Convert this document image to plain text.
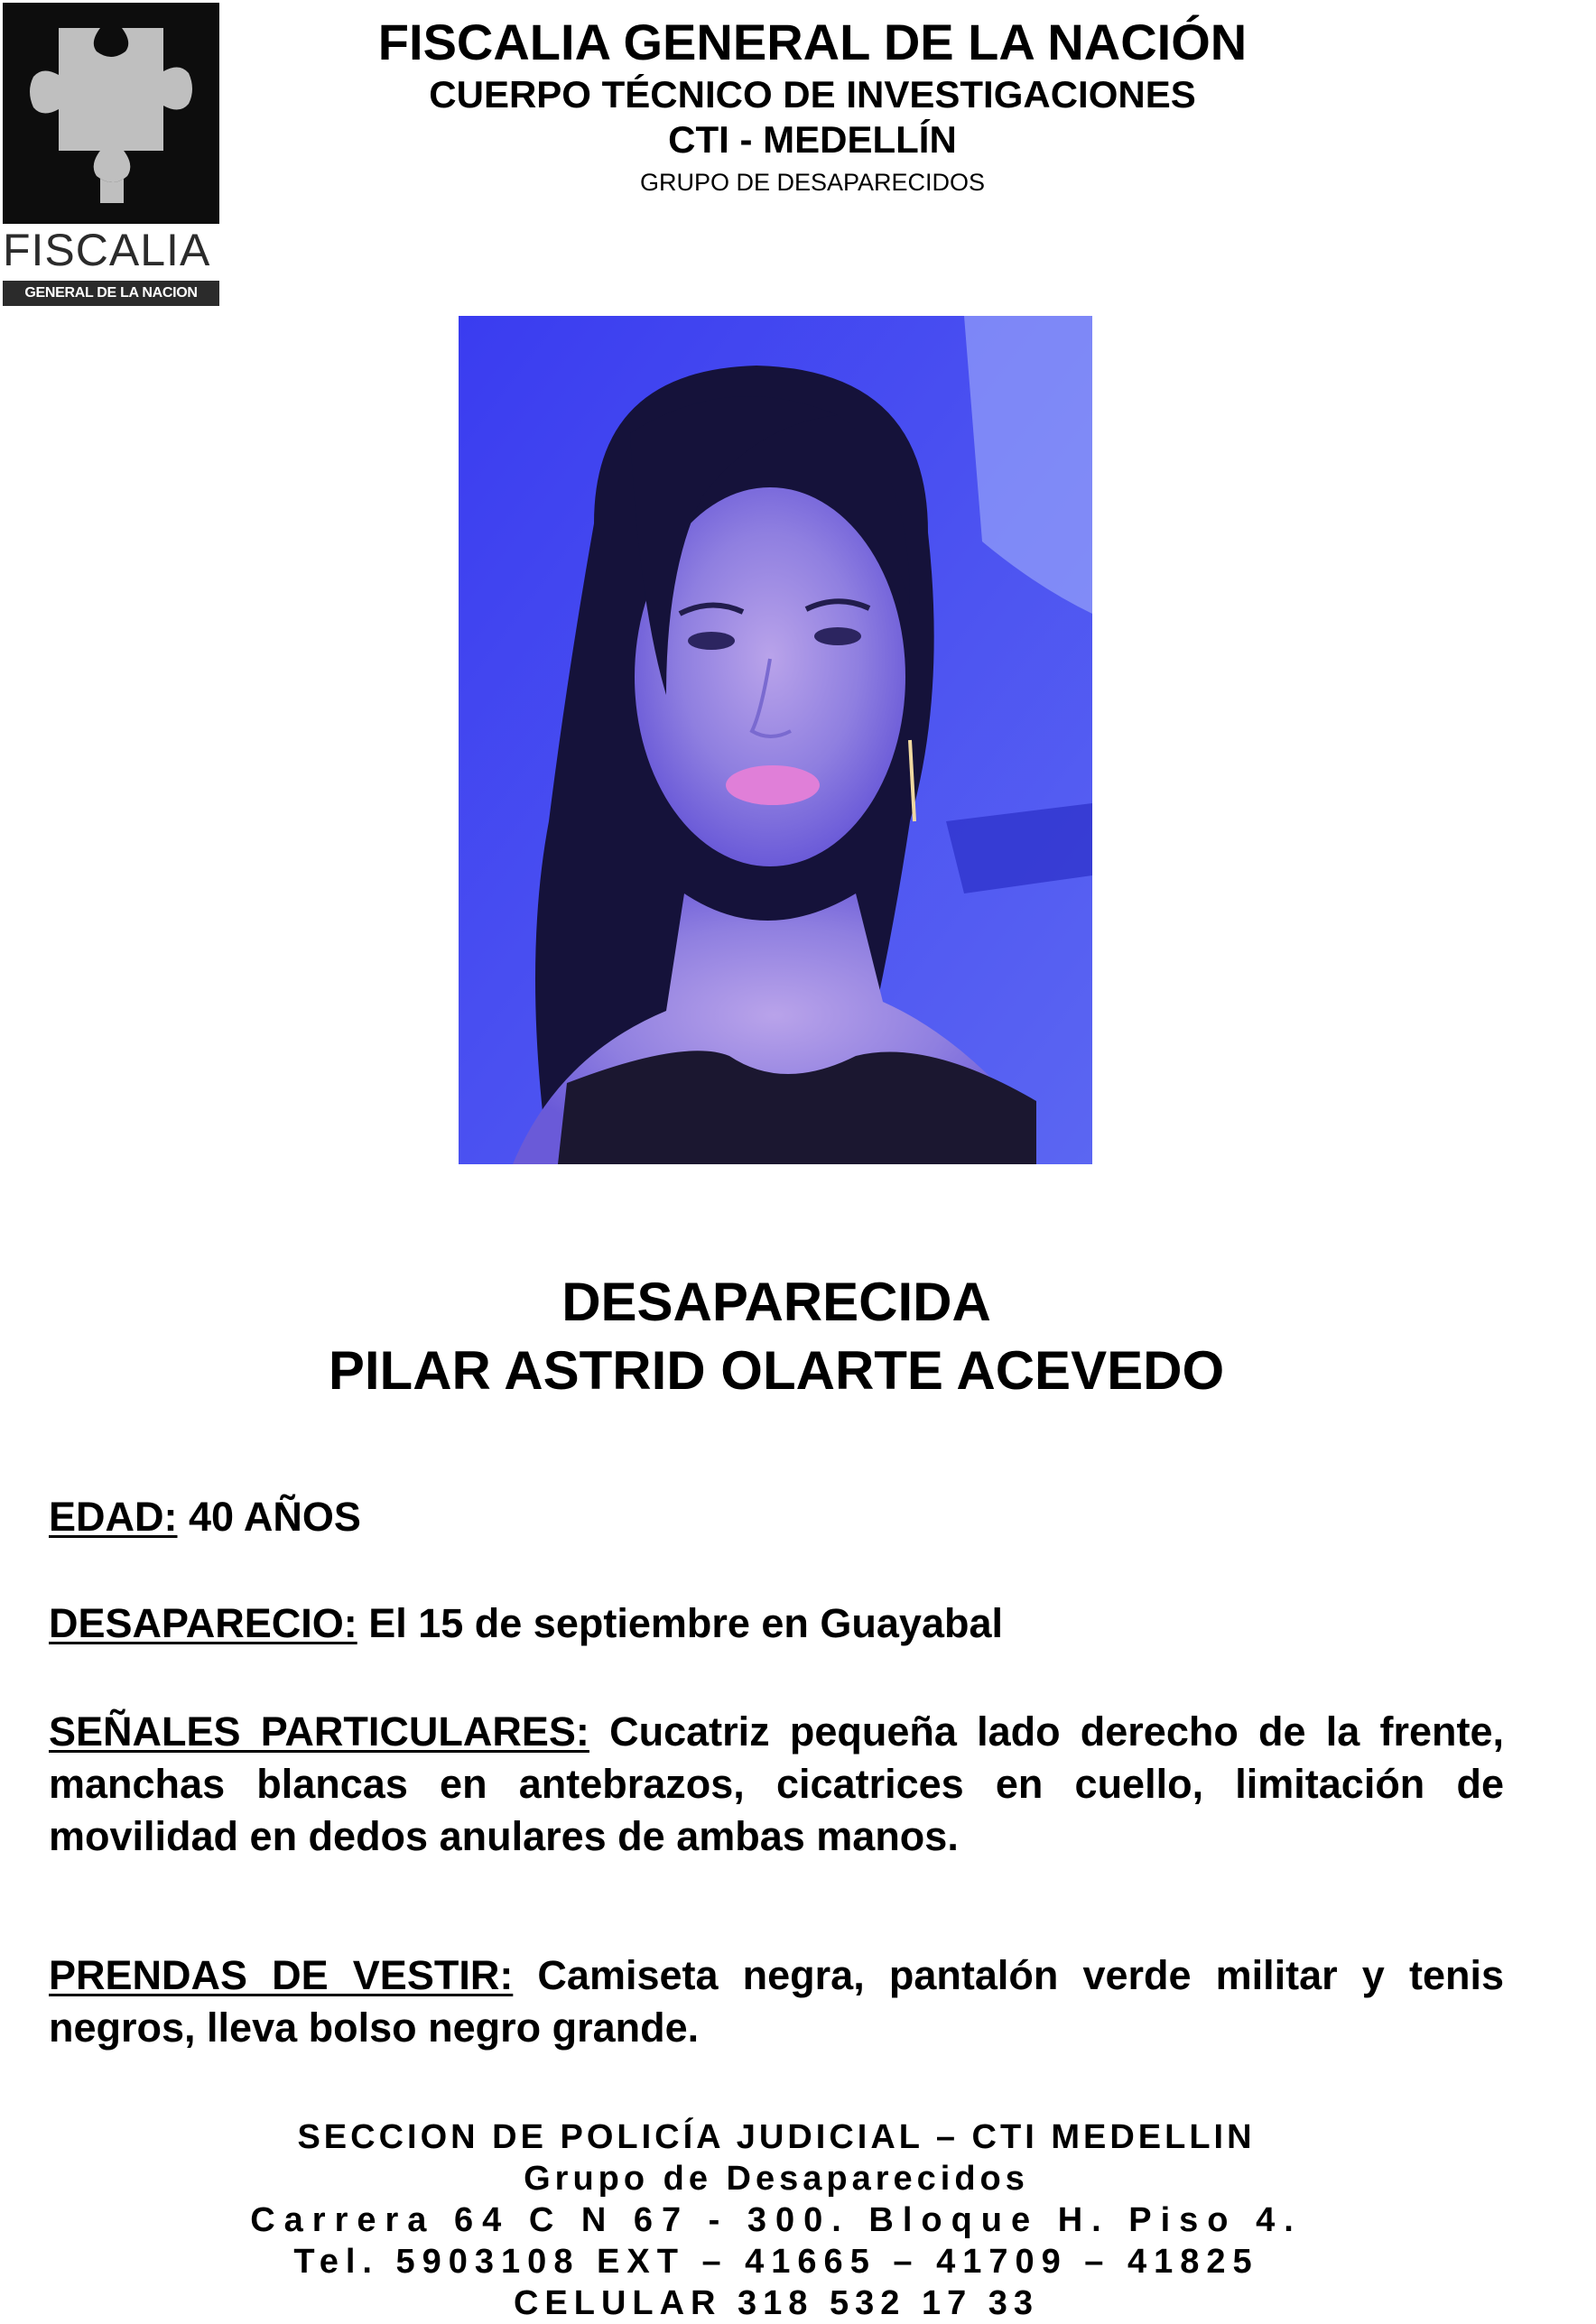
FISCALIA
GENERAL DE LA NACION
FISCALIA GENERAL DE LA NACIÓN
CUERPO TÉCNICO DE INVESTIGACIONES
CTI - MEDELLÍN
GRUPO DE DESAPARECIDOS
DESAPARECIDA
PILAR ASTRID OLARTE ACEVEDO
EDAD: 40 AÑOS
DESAPARECIO: El 15 de septiembre en Guayabal
SEÑALES PARTICULARES: Cucatriz pequeña lado derecho de la frente, manchas blancas en antebrazos, cicatrices en cuello, limitación de movilidad en dedos anulares de ambas manos.
PRENDAS DE VESTIR: Camiseta negra, pantalón verde militar y tenis negros, lleva bolso negro grande.
SECCION DE POLICÍA JUDICIAL – CTI MEDELLIN
Grupo de Desaparecidos
Carrera 64 C N 67 - 300. Bloque H. Piso 4.
Tel. 5903108 EXT – 41665 – 41709 – 41825
CELULAR 318 532 17 33
